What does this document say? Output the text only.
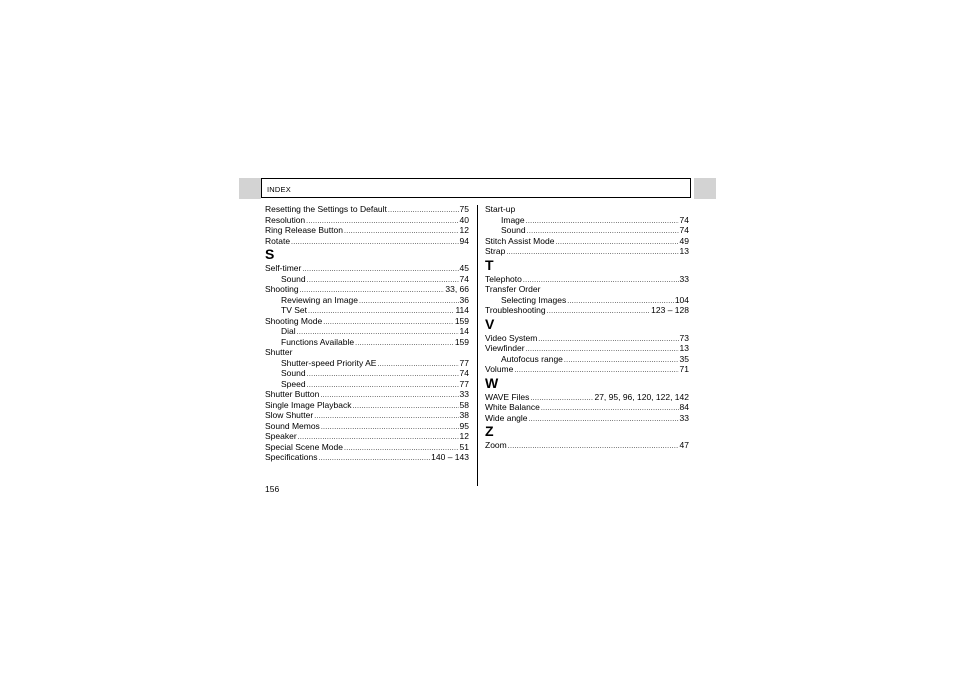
INDEX
Resetting the Settings to Default .....	75
Resolution .....	40
Ring Release Button .....	12
Rotate .....	94
S
Self-timer .....	45
Sound .....	74
Shooting .....	33, 66
Reviewing an Image .....	36
TV Set .....	114
Shooting Mode .....	159
Dial .....	14
Functions Available .....	159
Shutter
Shutter-speed Priority AE .....	77
Sound .....	74
Speed .....	77
Shutter Button .....	33
Single Image Playback .....	58
Slow Shutter .....	38
Sound Memos .....	95
Speaker .....	12
Special Scene Mode .....	51
Specifications .....	140 – 143
Start-up
Image .....	74
Sound .....	74
Stitch Assist Mode .....	49
Strap .....	13
T
Telephoto .....	33
Transfer Order
Selecting Images .....	104
Troubleshooting .....	123 – 128
V
Video System .....	73
Viewfinder .....	13
Autofocus range .....	35
Volume .....	71
W
WAVE Files .....	27, 95, 96, 120, 122, 142
White Balance .....	84
Wide angle .....	33
Z
Zoom .....	47
156
